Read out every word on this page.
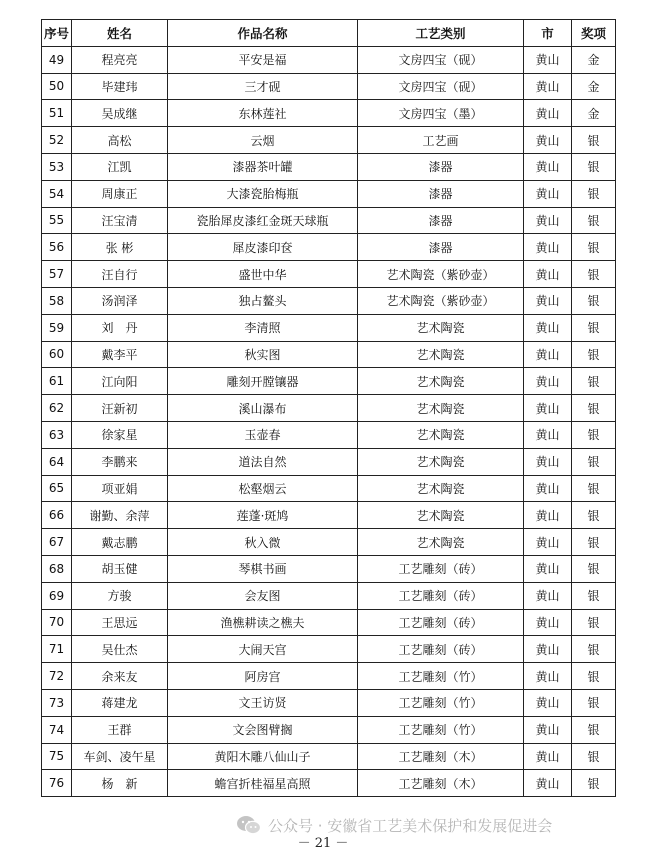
序号	姓名	作品名称	工艺类别	市	奖项
49	程亮亮	平安是福	文房四宝（砚）	黄山	金
50	毕建玮	三才砚	文房四宝（砚）	黄山	金
51	吴成继	东林莲社	文房四宝（墨）	黄山	金
52	高松	云烟	工艺画	黄山	银
53	江凯	漆器茶叶罐	漆器	黄山	银
54	周康正	大漆瓷胎梅瓶	漆器	黄山	银
55	汪宝清	瓷胎犀皮漆红金斑天球瓶	漆器	黄山	银
56	张 彬	犀皮漆印奁	漆器	黄山	银
57	汪自行	盛世中华	艺术陶瓷（紫砂壶）	黄山	银
58	汤润泽	独占鳌头	艺术陶瓷（紫砂壶）	黄山	银
59	刘　丹	李清照	艺术陶瓷	黄山	银
60	戴李平	秋实图	艺术陶瓷	黄山	银
61	江向阳	雕刻开膛镶器	艺术陶瓷	黄山	银
62	汪新初	溪山瀑布	艺术陶瓷	黄山	银
63	徐家星	玉壶春	艺术陶瓷	黄山	银
64	李鹏来	道法自然	艺术陶瓷	黄山	银
65	项亚娟	松壑烟云	艺术陶瓷	黄山	银
66	谢勤、余萍	莲蓬·斑鸠	艺术陶瓷	黄山	银
67	戴志鹏	秋入微	艺术陶瓷	黄山	银
68	胡玉健	琴棋书画	工艺雕刻（砖）	黄山	银
69	方骏	会友图	工艺雕刻（砖）	黄山	银
70	王思远	渔樵耕读之樵夫	工艺雕刻（砖）	黄山	银
71	吴仕杰	大闹天宫	工艺雕刻（砖）	黄山	银
72	余来友	阿房宫	工艺雕刻（竹）	黄山	银
73	蒋建龙	文王访贤	工艺雕刻（竹）	黄山	银
74	王群	文会图臂搁	工艺雕刻（竹）	黄山	银
75	车剑、凌午星	黄阳木雕八仙山子	工艺雕刻（木）	黄山	银
76	杨　新	蟾宫折桂福星高照	工艺雕刻（木）	黄山	银
公众号 · 安徽省工艺美术保护和发展促进会
－ 21 －
